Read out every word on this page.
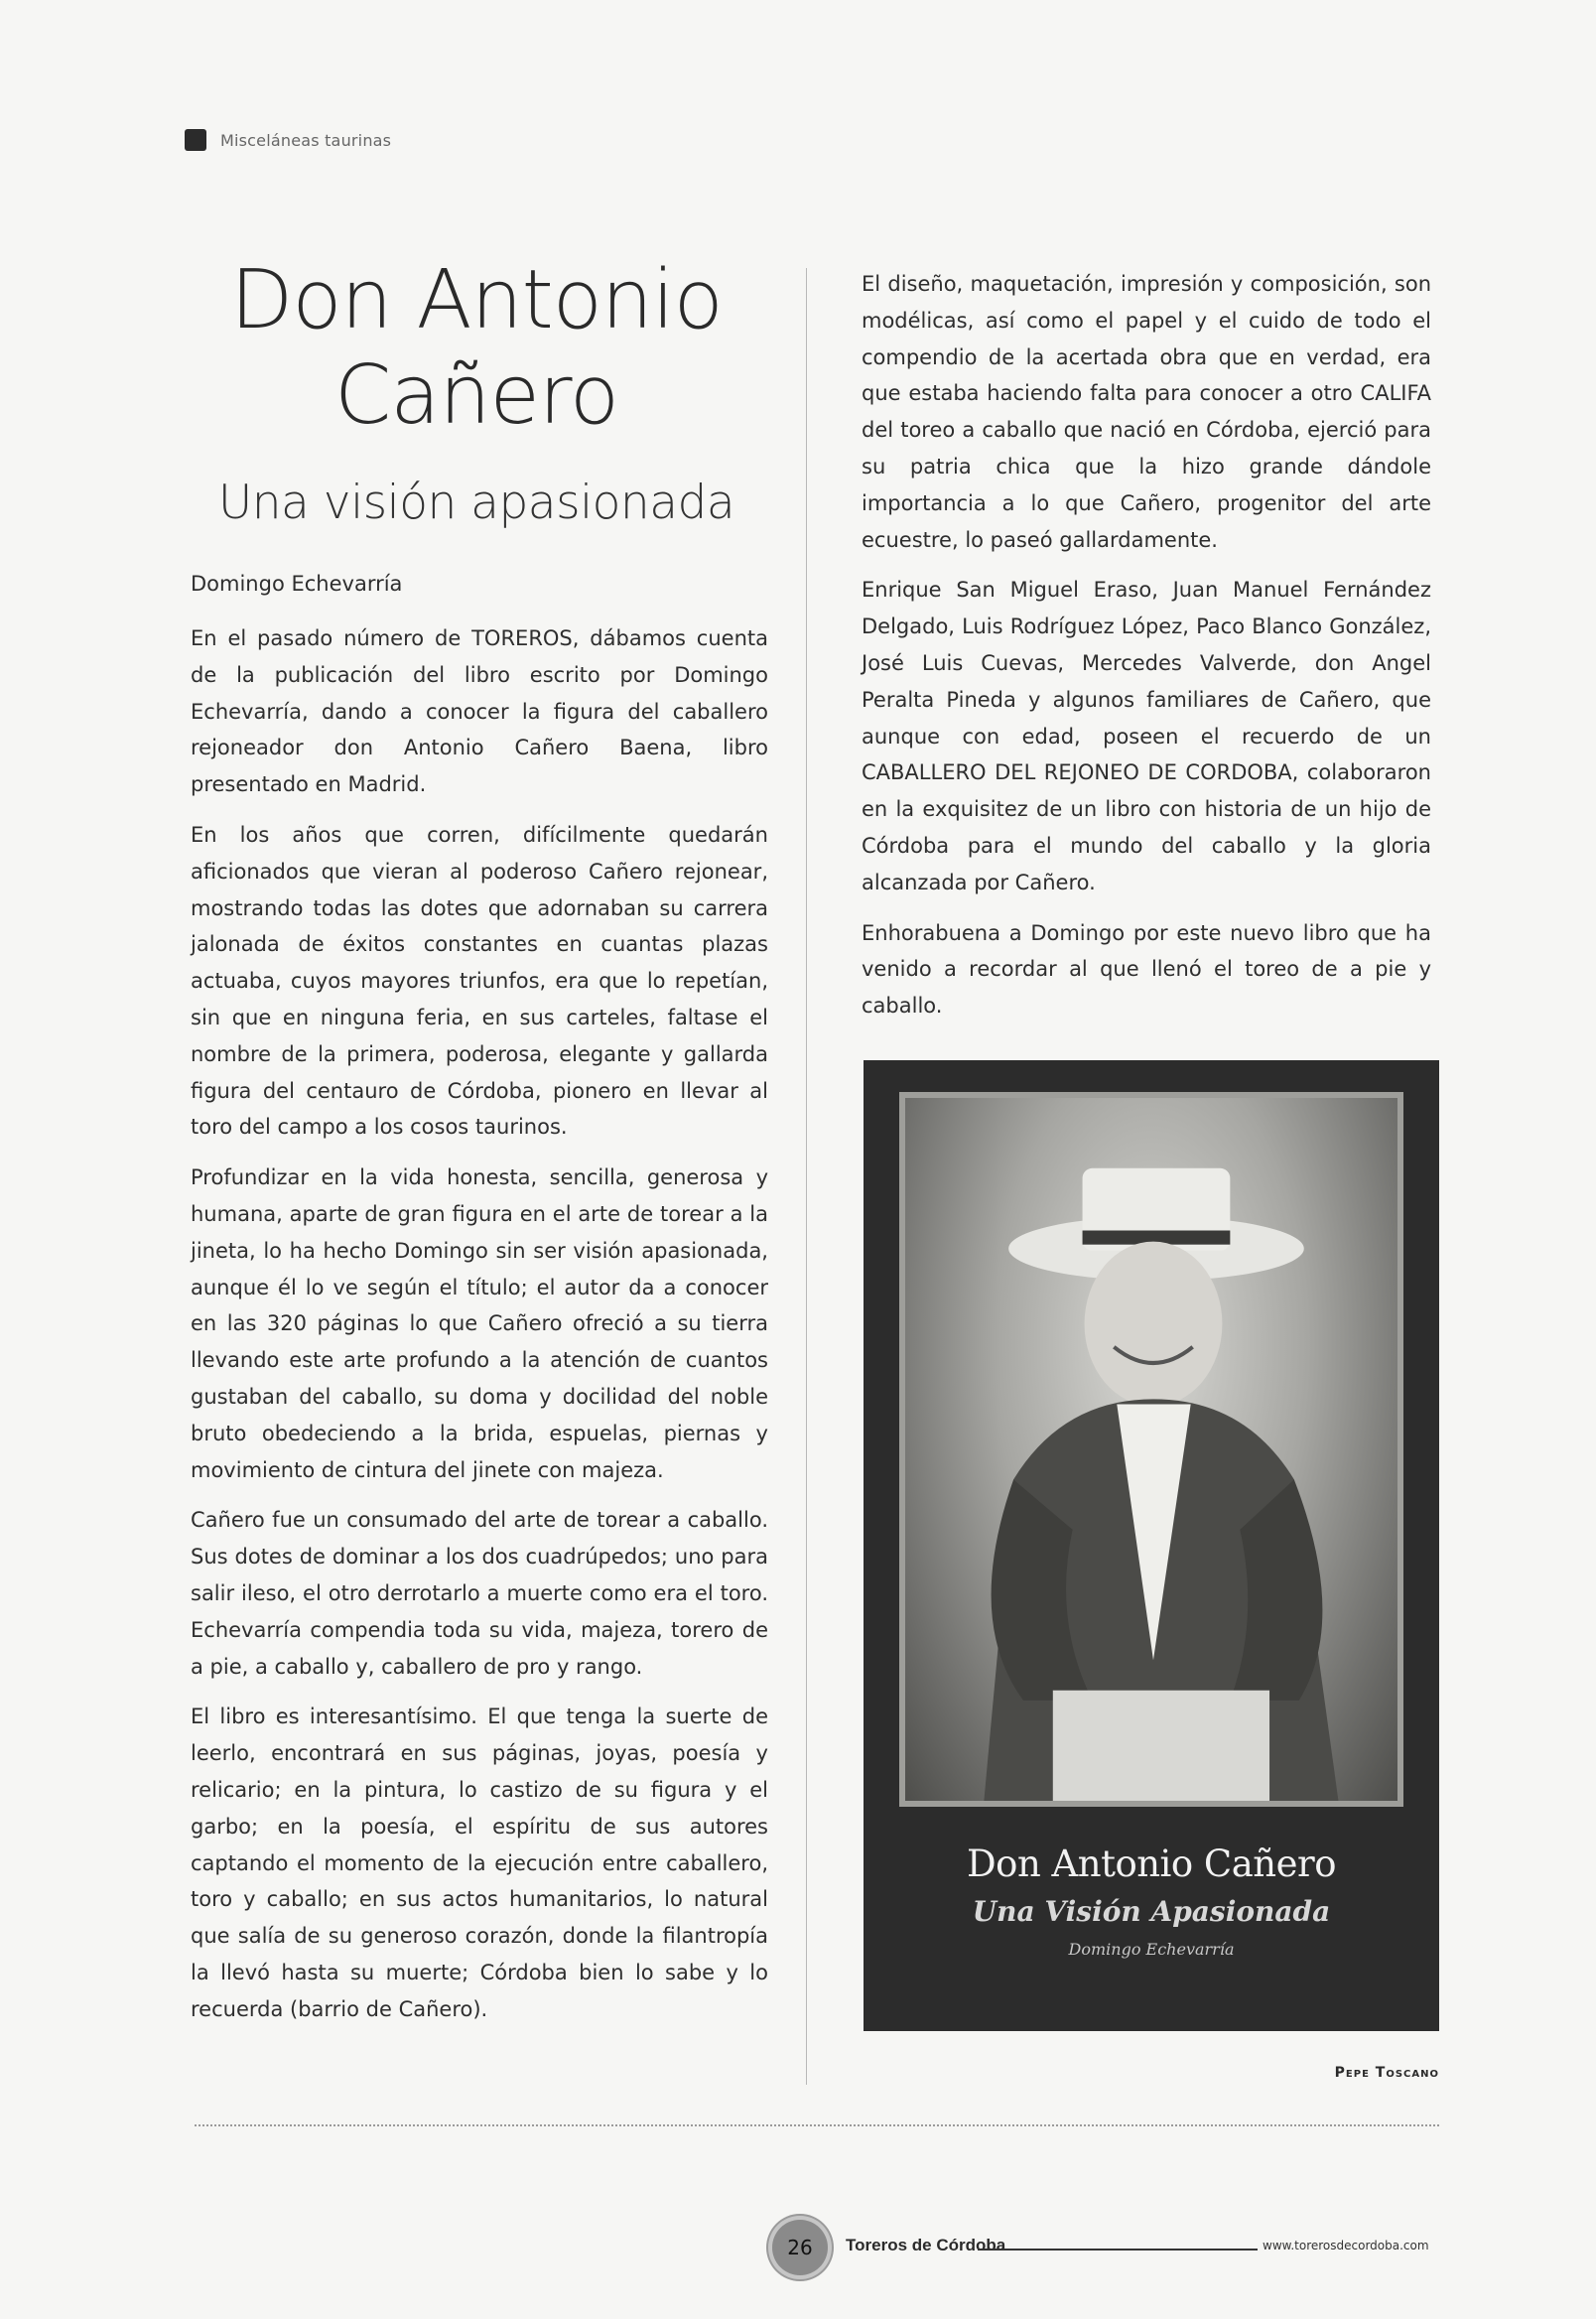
Misceláneas taurinas
Don Antonio
Cañero
Una visión apasionada
Domingo Echevarría

En el pasado número de TOREROS, dábamos cuenta de la publicación del libro escrito por Domingo Echevarría, dando a conocer la figura del caballero rejoneador don Antonio Cañero Baena, libro presentado en Madrid.

En los años que corren, difícilmente quedarán aficionados que vieran al poderoso Cañero rejonear, mostrando todas las dotes que adornaban su carrera jalonada de éxitos constantes en cuantas plazas actuaba, cuyos mayores triunfos, era que lo repetían, sin que en ninguna feria, en sus carteles, faltase el nombre de la primera, poderosa, elegante y gallarda figura del centauro de Córdoba, pionero en llevar al toro del campo a los cosos taurinos.

Profundizar en la vida honesta, sencilla, generosa y humana, aparte de gran figura en el arte de torear a la jineta, lo ha hecho Domingo sin ser visión apasionada, aunque él lo ve según el título; el autor da a conocer en las 320 páginas lo que Cañero ofreció a su tierra llevando este arte profundo a la atención de cuantos gustaban del caballo, su doma y docilidad del noble bruto obedeciendo a la brida, espuelas, piernas y movimiento de cintura del jinete con majeza.

Cañero fue un consumado del arte de torear a caballo. Sus dotes de dominar a los dos cuadrúpedos; uno para salir ileso, el otro derrotarlo a muerte como era el toro. Echevarría compendia toda su vida, majeza, torero de a pie, a caballo y, caballero de pro y rango.

El libro es interesantísimo. El que tenga la suerte de leerlo, encontrará en sus páginas, joyas, poesía y relicario; en la pintura, lo castizo de su figura y el garbo; en la poesía, el espíritu de sus autores captando el momento de la ejecución entre caballero, toro y caballo; en sus actos humanitarios, lo natural que salía de su generoso corazón, donde la filantropía la llevó hasta su muerte; Córdoba bien lo sabe y lo recuerda (barrio de Cañero).

El diseño, maquetación, impresión y composición, son modélicas, así como el papel y el cuido de todo el compendio de la acertada obra que en verdad, era que estaba haciendo falta para conocer a otro CALIFA del toreo a caballo que nació en Córdoba, ejerció para su patria chica que la hizo grande dándole importancia a lo que Cañero, progenitor del arte ecuestre, lo paseó gallardamente.

Enrique San Miguel Eraso, Juan Manuel Fernández Delgado, Luis Rodríguez López, Paco Blanco González, José Luis Cuevas, Mercedes Valverde, don Angel Peralta Pineda y algunos familiares de Cañero, que aunque con edad, poseen el recuerdo de un CABALLERO DEL REJONEO DE CORDOBA, colaboraron en la exquisitez de un libro con historia de un hijo de Córdoba para el mundo del caballo y la gloria alcanzada por Cañero.

Enhorabuena a Domingo por este nuevo libro que ha venido a recordar al que llenó el toreo de a pie y caballo.

Don Antonio Cañero
Una Visión Apasionada
Domingo Echevarría
Pepe Toscano
26	Toreros de Córdoba	www.torerosdecordoba.com
